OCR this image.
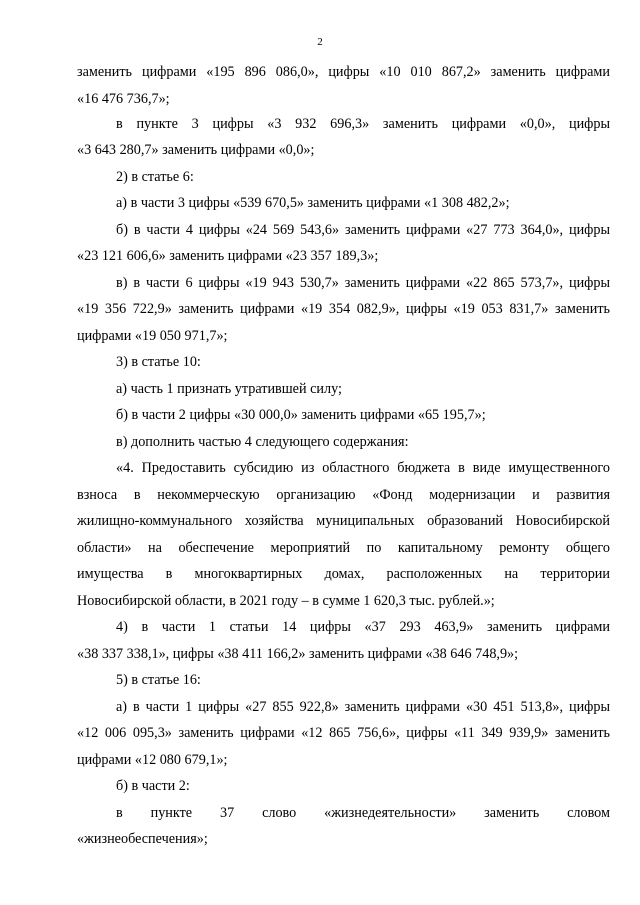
2
заменить цифрами «195 896 086,0», цифры «10 010 867,2» заменить цифрами
«16 476 736,7»;
в пункте 3 цифры «3 932 696,3» заменить цифрами «0,0», цифры
«3 643 280,7» заменить цифрами «0,0»;
2) в статье 6:
а) в части 3 цифры «539 670,5» заменить цифрами «1 308 482,2»;
б) в части 4 цифры «24 569 543,6» заменить цифрами «27 773 364,0», цифры
«23 121 606,6» заменить цифрами «23 357 189,3»;
в) в части 6 цифры «19 943 530,7» заменить цифрами «22 865 573,7», цифры
«19 356 722,9» заменить цифрами «19 354 082,9», цифры «19 053 831,7» заменить
цифрами «19 050 971,7»;
3) в статье 10:
а) часть 1 признать утратившей силу;
б) в части 2 цифры «30 000,0» заменить цифрами «65 195,7»;
в) дополнить частью 4 следующего содержания:
«4. Предоставить субсидию из областного бюджета в виде имущественного
взноса в некоммерческую организацию «Фонд модернизации и развития
жилищно-коммунального хозяйства муниципальных образований Новосибирской
области» на обеспечение мероприятий по капитальному ремонту общего
имущества в многоквартирных домах, расположенных на территории
Новосибирской области, в 2021 году – в сумме 1 620,3 тыс. рублей.»;
4) в части 1 статьи 14 цифры «37 293 463,9» заменить цифрами
«38 337 338,1», цифры «38 411 166,2» заменить цифрами «38 646 748,9»;
5) в статье 16:
а) в части 1 цифры «27 855 922,8» заменить цифрами «30 451 513,8», цифры
«12 006 095,3» заменить цифрами «12 865 756,6», цифры «11 349 939,9» заменить
цифрами «12 080 679,1»;
б) в части 2:
в пункте 37 слово «жизнедеятельности» заменить словом
«жизнеобеспечения»;
